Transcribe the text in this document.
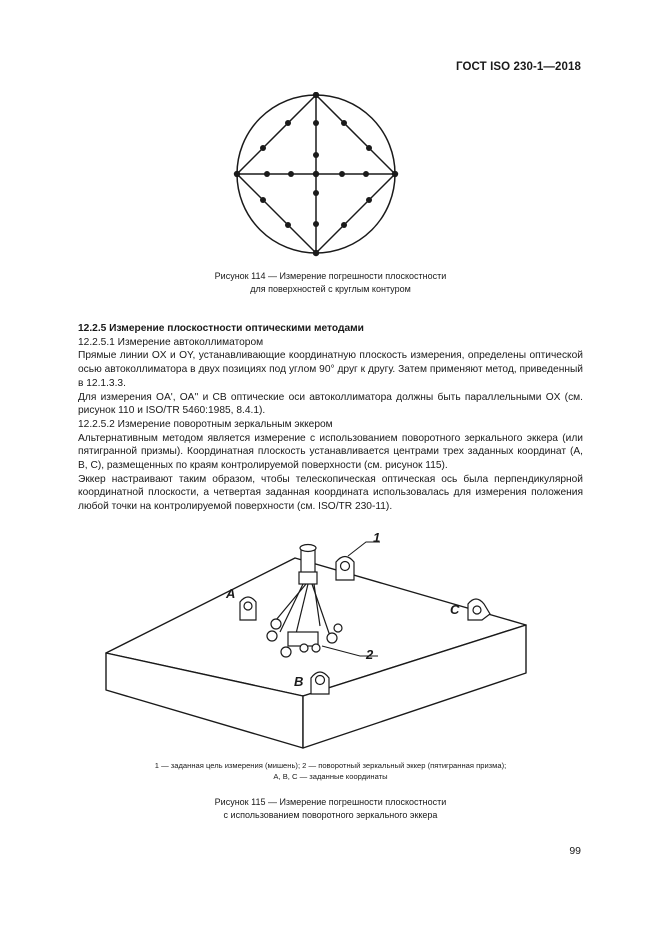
ГОСТ ISO 230-1—2018
Рисунок 114 — Измерение погрешности плоскостности
для поверхностей с круглым контуром

12.2.5 Измерение плоскостности оптическими методами

12.2.5.1 Измерение автоколлиматором

Прямые линии OX и OY, устанавливающие координатную плоскость измерения, определены оптической осью автоколлиматора в двух позициях под углом 90° друг к другу. Затем применяют метод, приведенный в 12.1.3.3.

Для измерения OA', OA'' и CB оптические оси автоколлиматора должны быть параллельными OX (см. рисунок 110 и ISO/TR 5460:1985, 8.4.1).

12.2.5.2 Измерение поворотным зеркальным эккером

Альтернативным методом является измерение с использованием поворотного зеркального эккера (или пятигранной призмы). Координатная плоскость устанавливается центрами трех заданных координат (A, B, C), размещенных по краям контролируемой поверхности (см. рисунок 115).

Эккер настраивают таким образом, чтобы телескопическая оптическая ось была перпендикулярной координатной плоскости, а четвертая заданная координата использовалась для измерения положения любой точки на контролируемой поверхности (см. ISO/TR 230-11).

1
2
A
B
C
1 — заданная цель измерения (мишень); 2 — поворотный зеркальный эккер (пятигранная призма);
A, B, C — заданные координаты
Рисунок 115 — Измерение погрешности плоскостности
с использованием поворотного зеркального эккера
99
